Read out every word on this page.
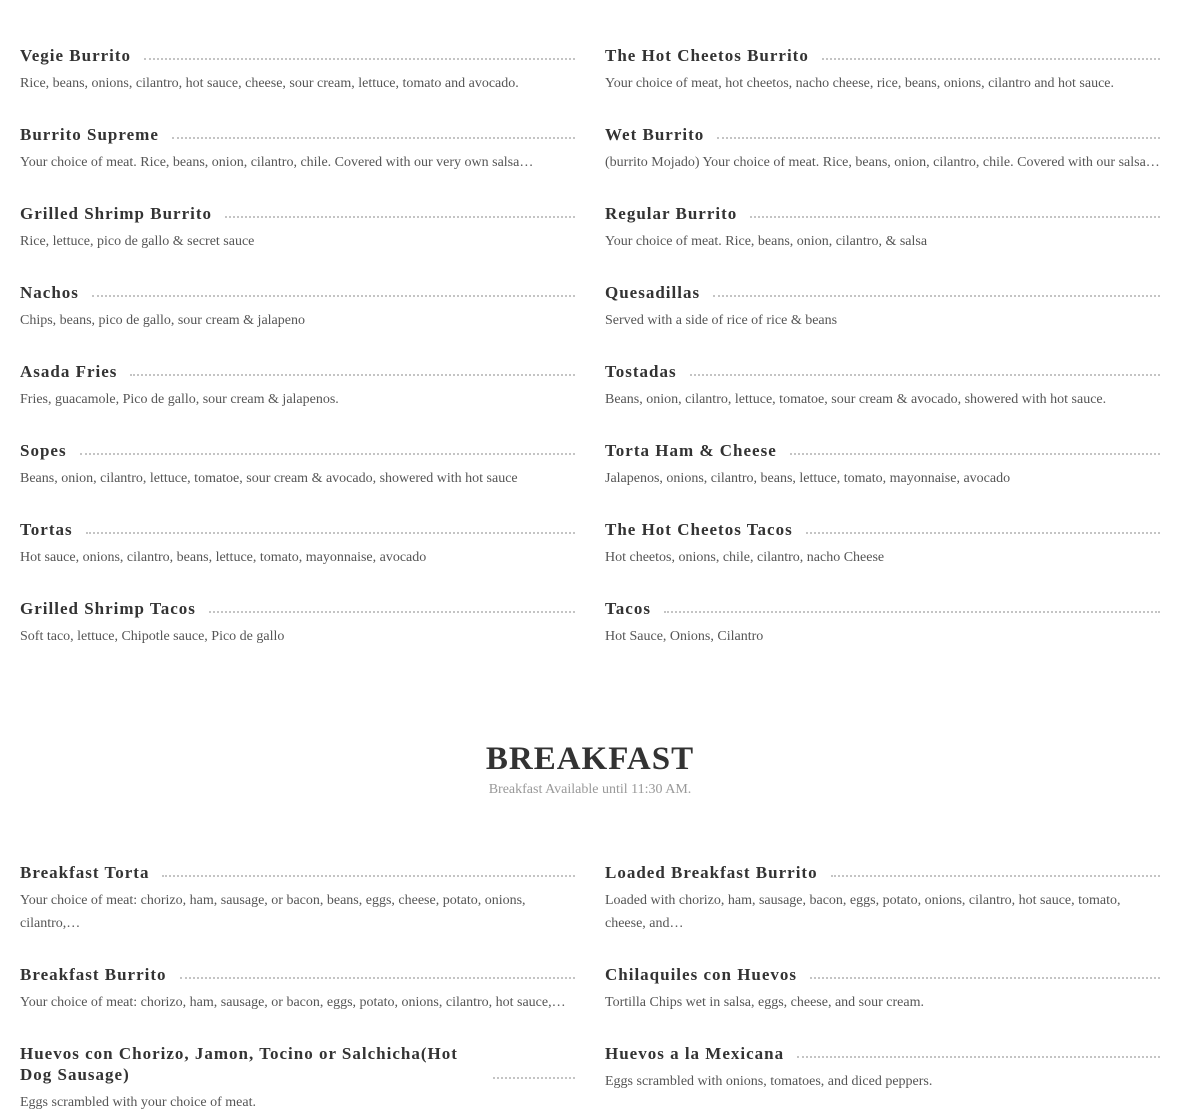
Vegie Burrito
Rice, beans, onions, cilantro, hot sauce, cheese, sour cream, lettuce, tomato and avocado.
The Hot Cheetos Burrito
Your choice of meat, hot cheetos, nacho cheese, rice, beans, onions, cilantro and hot sauce.
Burrito Supreme
Your choice of meat. Rice, beans, onion, cilantro, chile. Covered with our very own salsa…
Wet Burrito
(burrito Mojado) Your choice of meat. Rice, beans, onion, cilantro, chile. Covered with our salsa…
Grilled Shrimp Burrito
Rice, lettuce, pico de gallo & secret sauce
Regular Burrito
Your choice of meat. Rice, beans, onion, cilantro, & salsa
Nachos
Chips, beans, pico de gallo, sour cream & jalapeno
Quesadillas
Served with a side of rice of rice & beans
Asada Fries
Fries, guacamole, Pico de gallo, sour cream & jalapenos.
Tostadas
Beans, onion, cilantro, lettuce, tomatoe, sour cream & avocado, showered with hot sauce.
Sopes
Beans, onion, cilantro, lettuce, tomatoe, sour cream & avocado, showered with hot sauce
Torta Ham & Cheese
Jalapenos, onions, cilantro, beans, lettuce, tomato, mayonnaise, avocado
Tortas
Hot sauce, onions, cilantro, beans, lettuce, tomato, mayonnaise, avocado
The Hot Cheetos Tacos
Hot cheetos, onions, chile, cilantro, nacho Cheese
Grilled Shrimp Tacos
Soft taco, lettuce, Chipotle sauce, Pico de gallo
Tacos
Hot Sauce, Onions, Cilantro
BREAKFAST
Breakfast Available until 11:30 AM.
Breakfast Torta
Your choice of meat: chorizo, ham, sausage, or bacon, beans, eggs, cheese, potato, onions, cilantro,…
Loaded Breakfast Burrito
Loaded with chorizo, ham, sausage, bacon, eggs, potato, onions, cilantro, hot sauce, tomato, cheese, and…
Breakfast Burrito
Your choice of meat: chorizo, ham, sausage, or bacon, eggs, potato, onions, cilantro, hot sauce,…
Chilaquiles con Huevos
Tortilla Chips wet in salsa, eggs, cheese, and sour cream.
Huevos con Chorizo, Jamon, Tocino or Salchicha(Hot Dog Sausage)
Eggs scrambled with your choice of meat.
Huevos a la Mexicana
Eggs scrambled with onions, tomatoes, and diced peppers.
